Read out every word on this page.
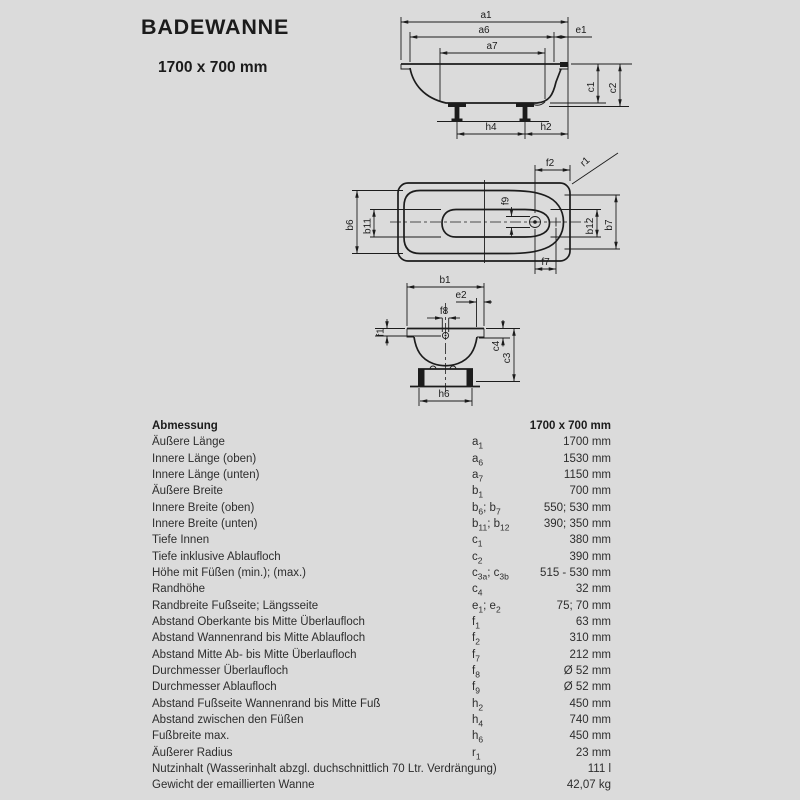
BADEWANNE
1700 x 700 mm
a1
a6	e1
a7
c1 c2
h4	h2
f9
f2 r1
b6 b11	b12 b7
f7
b1
e2
f8
f1
c4
c3
h6
Abmessung	1700 x 700 mm
Äußere Länge	$a_1$	1700 mm
Innere Länge (oben)	$a_6$	1530 mm
Innere Länge (unten)	$a_7$	1150 mm
Äußere Breite	$b_1$	700 mm
Innere Breite (oben)	$b_6$; $b_7$	550; 530 mm
Innere Breite (unten)	$b_{11}$; $b_{12}$	390; 350 mm
Tiefe Innen	$c_1$	380 mm
Tiefe inklusive Ablaufloch	$c_2$	390 mm
Höhe mit Füßen (min.); (max.)	$c_{3a}$; $c_{3b}$	515 - 530 mm
Randhöhe	$c_4$	32 mm
Randbreite Fußseite; Längsseite	$e_1$; $e_2$	75; 70 mm
Abstand Oberkante bis Mitte Überlaufloch	$f_1$	63 mm
Abstand Wannenrand bis Mitte Ablaufloch	$f_2$	310 mm
Abstand Mitte Ab- bis Mitte Überlaufloch	$f_7$	212 mm
Durchmesser Überlaufloch	$f_8$	Ø 52 mm
Durchmesser Ablaufloch	$f_9$	Ø 52 mm
Abstand Fußseite Wannenrand bis Mitte Fuß	$h_2$	450 mm
Abstand zwischen den Füßen	$h_4$	740 mm
Fußbreite max.	$h_6$	450 mm
Äußerer Radius	$r_1$	23 mm
Nutzinhalt (Wasserinhalt abzgl. duchschnittlich 70 Ltr. Verdrängung)	111 l
Gewicht der emaillierten Wanne	42,07 kg
